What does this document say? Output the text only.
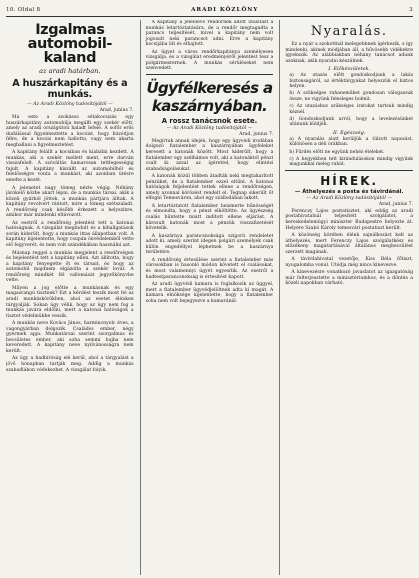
10. Oldal 8	ARADI KÖZLÖNY	3
Izgalmas automobil-kaland
az aradi határban.
A huszárkapitány és a munkás.
— Az Aradi Közlöny tudósítójától —
Arad, junius 7.

Ma este a szokásos sétakocsizás egy huszárkapitány automobilja megállt egy szekér előtt, amely az aradi országúton haladt lefelé. A sofőr erős dudálással figyelmeztette a kocsist, hogy húzódjon félre, de a kocsis nem hallotta, vagy nem akarta meghallani a figyelmeztetést.

A kapitány felállt a kocsiban és kiabálni kezdett. A munkás, aki a szekér mellett ment, erre durván visszafelelt. A szóváltás hamarosan tettlegességig fajult. A kapitány kiszállt az automobilból és felelősségre vonta a munkást, aki azonban ütésre emelte a kezét.

A jelenetet nagy tömeg nézte végig. Néhány járókelő közbe akart lépni, de a munkás társai, akik a közeli gyárból jöttek, a munkás pártjára álltak. A kapitány revolvert rántott, mire a tömeg szétszaladt. A rendőrség csak később érkezett a helyszínre, amikor már mindenki eltávozott.

Az esetről a rendőrség jelentést tett a katonai hatóságnak. A vizsgálat megindult és a kihallgatások során kiderült, hogy a munkás ittas állapotban volt. A kapitány kijelentette, hogy csupán önvédelemből vette elő fegyverét, és nem volt szándékában használni azt.

Másnap reggel a munkás megjelent a rendőrségen és bejelentést tett a kapitány ellen. Azt állította, hogy a kapitány fenyegette őt és társait, és hogy az automobil majdnem elgázolta a szekér lovát. A rendőrség mindkét fél vallomását jegyzőkönyvbe vette.

Milyen a jog előtte a munkásnak és egy magasrangú tisztnek? Ezt a kérdést teszik most fel az aradi munkáskörökben, ahol az esetet élénken tárgyalják. Sokan úgy vélik, hogy az ügy nem fog a munkás javára eldőlni, mert a katonai hatóságok a tisztet védelmükbe veszik.

A munkás neve Kovács János, harmincnyolc éves, a vagongyárban dolgozik. Családos ember, négy gyermek apja. Munkatársai szerint szorgalmas és becsületes ember, aki soha semmi bajba nem keveredett. A kapitány neve nyilvánosságra nem került.

Az ügy a hadbíróság elé kerül, ahol a tárgyalást a jövő hónapban tartják meg. Addig a munkás szabadlábon védekezhet. A vizsgálat folyik.

A kapitány a jelenlévő rendőrnek adott utasítást a munkás letartóztatására, de a rendőr megtagadta a parancs teljesítését, mivel a kapitány nem volt jogosult neki parancsot adni. Erre a kapitány kocsijába ült és elhajtott.

Az ügyet a város rendőrkapitánya személyesen vizsgálja, és a vizsgálat eredményéről jelentést tesz a polgármesternek. A munkás sérüléseket nem szenvedett.

Ügyfélkeresés a kaszárnyában.
A rossz tanácsnok esete.
— Az Aradi Közlöny tudósítójától —
Arad, junius 7.

Megírtuk annak idején, hogy egy ügyvédi irodában dolgozó fiatalember a kaszárnyában ügyfeleket keresett a katonák között. Most kiderült, hogy a fiatalember egy szélhámos volt, aki a katonáktól pénzt csalt ki azzal az ígérettel, hogy elintézi szabadságolásukat.

A katonák közül többen átadták neki megtakarított pénzüket, de a fiatalember ezzel eltűnt. A katonai hatóságok feljelentést tettek ellene a rendőrségen, amely azonnal körözést rendelt el. Tegnap sikerült őt elfogni Temesváron, ahol egy szállodában lakott.

A letartóztatott fiatalember beismerte bűnösségét és elmondta, hogy a pénzt elköltötte. Az ügyészség csalás bűntette miatt indított ellene eljárást. A károsult katonák most a pénzük visszafizetését követelik.

A kaszárnya parancsnoksága szigorú rendeletet adott ki, amely szerint idegen polgári személyek csak külön engedéllyel léphetnek be a kaszárnya területére.

A rendőrség értesülése szerint a fiatalember más városokban is hasonló módon követett el csalásokat, és most valamennyi ügyét egyesítik. Az esetről a hadtestparancsnokság is értesítést kapott.

Az aradi ügyvédi kamara is foglalkozik az üggyel, mert a fiatalember ügyvédjelöltnek adta ki magát. A kamara elnöksége kijelentette, hogy a fiatalember soha nem volt bejegyezve a kamaránál.

Nyaralás.

Ez a nyár a szokottnál melegebbnek ígérkezik, s így mindenki, akinek módjában áll, a hűvösebb vidékekre igyekszik. Az alábbiakban néhány tanácsot adunk azoknak, akik nyaralni készülnek.

I. Előkészületek.

a) Az utazás előtt gondoskodjunk a lakás biztonságáról, az értéktárgyakat helyezzük el biztos helyen.

b) A szükséges ruhaneműket gondosan válogassuk össze, ne vigyünk felesleges holmit.

c) Az utazáshoz szükséges iratokat tartsuk mindig kéznél.

d) Gondoskodjunk arról, hogy a levelezésünket utánunk küldjék.

II. Egészség.

a) A nyaralás alatt kerüljük a túlzott napozást, különösen a déli órákban.

b) Fürdés előtt ne együnk nehéz ételeket.

c) A hegyekben tett kirándulásokon mindig vigyünk magunkkal meleg ruhát.

HÍREK.
— Áthelyezés a posta és távirdánál.
— Az Aradi Közlöny tudósítójától —
Arad, junius 7.

Ferenczy Lajos postatisztet, aki eddig az aradi postahivatalnál teljesített szolgálatot, a kereskedelemügyi miniszter Budapestre helyezte át. Helyére Szabó Károly temesvári postatiszt került.

A közönség körében élénk sajnálkozást kelt az áthelyezés, mert Ferenczy Lajos szolgálatkész és előzékeny magatartásával általános megbecsülést szerzett magának.

A távírdahivatal vezetője, Kiss Béla főtiszt, nyugalomba vonul. Utódja még nincs kinevezve.

A kinevezésre vonatkozó javaslatot az igazgatóság már felterjesztette a minisztériumhoz, és a döntés a közeli napokban várható.
